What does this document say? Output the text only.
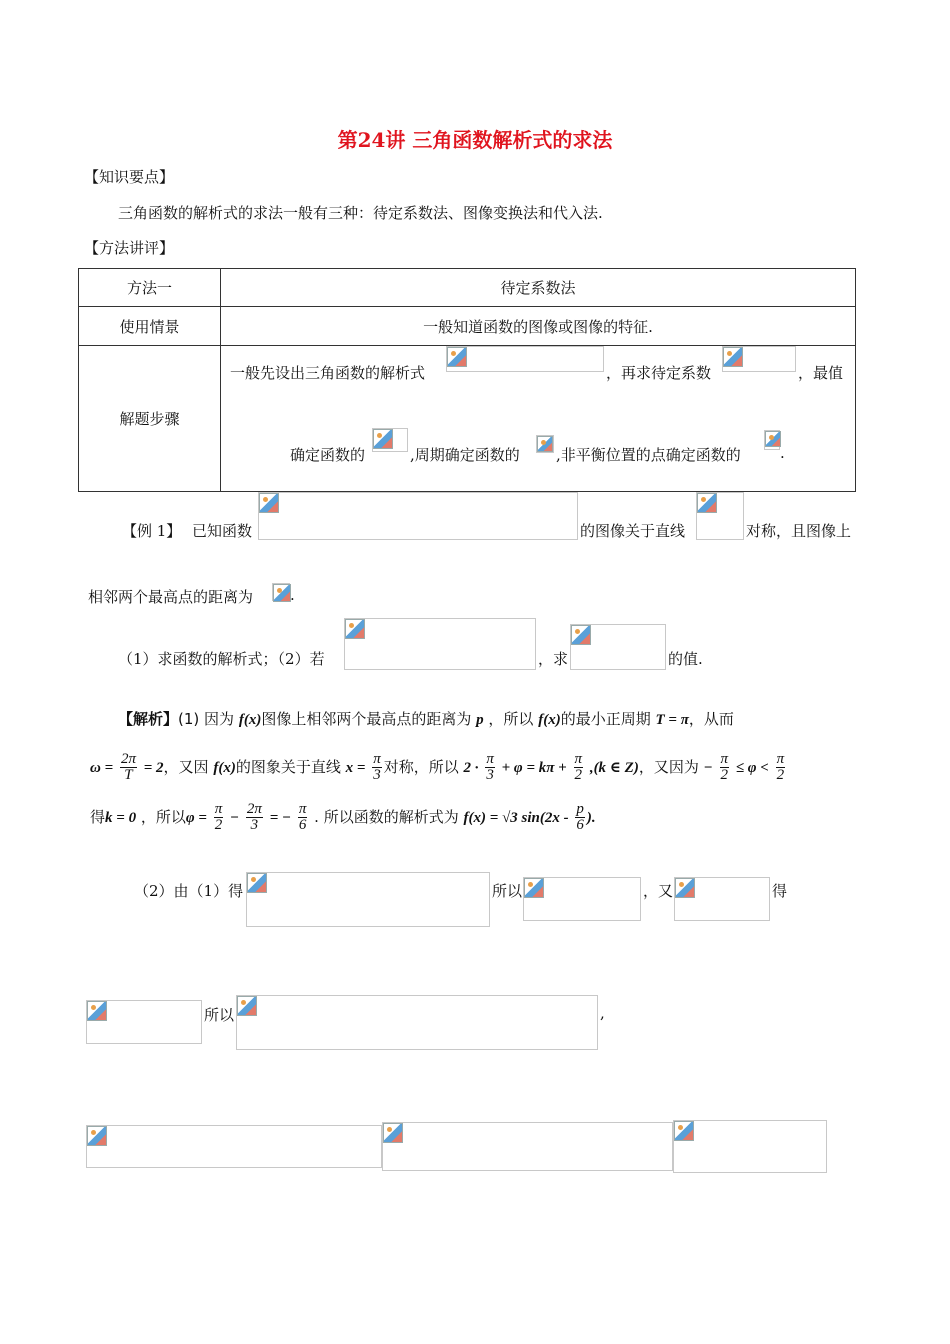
第24讲 三角函数解析式的求法
【知识要点】
三角函数的解析式的求法一般有三种：待定系数法、图像变换法和代入法.
【方法讲评】
方法一	待定系数法
使用情景	一般知道函数的图像或图像的特征.
解题步骤	
一般先设出三角函数的解析式	，再求待定系数	，最值
确定函数的	,周期确定函数的 ,非平衡位置的点确定函数的	.
【例 1】 已知函数	的图像关于直线	对称，且图像上
相邻两个最高点的距离为 .
（1）求函数的解析式；（2）若	，求	的值.
【解析】(1) 因为 f(x)图像上相邻两个最高点的距离为 p ，所以 f(x)的最小正周期 T = π，从而
$\omega = \frac{2\pi}{T} = 2$，又因 f(x)的图象关于直线 $x = \frac{\pi}{3}$ 对称，所以 $2 \cdot \frac{\pi}{3} + \varphi = k\pi + \frac{\pi}{2} ,(k$ ∈ Z)，又因为 − $\frac{\pi}{2} \le \varphi < \frac{\pi}{2}$
得k = 0 ，所以$\varphi = \frac{\pi}{2} - \frac{2\pi}{3}$ = − $\frac{\pi}{6}$ . 所以函数的解析式为 f(x) = √3 $\sin(2x - \frac{p}{6}$ ).
（2）由（1）得	所以	，又	得
所以	,
